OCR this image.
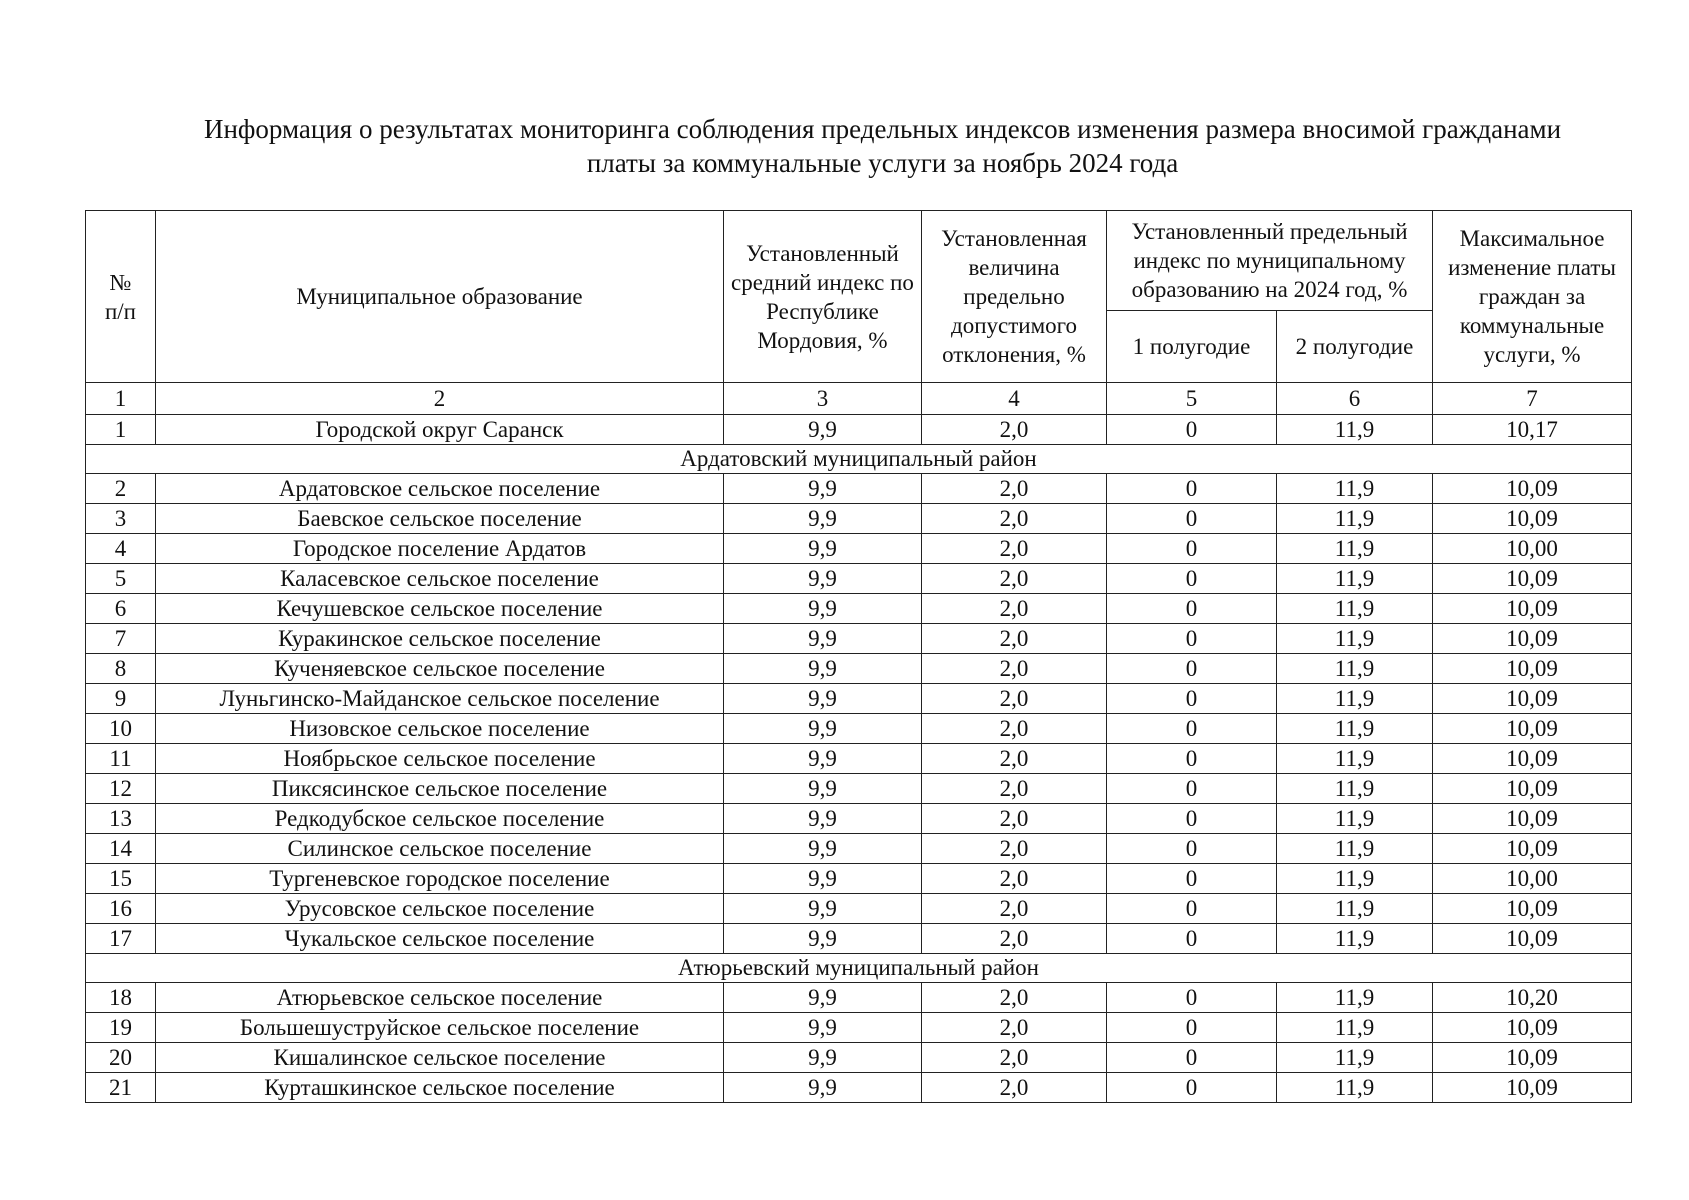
Информация о результатах мониторинга соблюдения предельных индексов изменения размера вносимой гражданами
платы за коммунальные услуги за ноябрь 2024 года
№ п/п	Муниципальное образование	Установленный средний индекс по Республике Мордовия, %	Установленная величина предельно допустимого отклонения, %	Установленный предельный индекс по муниципальному образованию на 2024 год, %		Максимальное изменение платы граждан за коммунальные услуги, %
				1 полугодие	2 полугодие	
1	2	3	4	5	6	7
1	Городской округ Саранск	9,9	2,0	0	11,9	10,17
Ардатовский муниципальный район						
2	Ардатовское сельское поселение	9,9	2,0	0	11,9	10,09
3	Баевское сельское поселение	9,9	2,0	0	11,9	10,09
4	Городское поселение Ардатов	9,9	2,0	0	11,9	10,00
5	Каласевское сельское поселение	9,9	2,0	0	11,9	10,09
6	Кечушевское сельское поселение	9,9	2,0	0	11,9	10,09
7	Куракинское сельское поселение	9,9	2,0	0	11,9	10,09
8	Кученяевское сельское поселение	9,9	2,0	0	11,9	10,09
9	Луньгинско-Майданское сельское поселение	9,9	2,0	0	11,9	10,09
10	Низовское сельское поселение	9,9	2,0	0	11,9	10,09
11	Ноябрьское сельское поселение	9,9	2,0	0	11,9	10,09
12	Пиксясинское сельское поселение	9,9	2,0	0	11,9	10,09
13	Редкодубское сельское поселение	9,9	2,0	0	11,9	10,09
14	Силинское сельское поселение	9,9	2,0	0	11,9	10,09
15	Тургеневское городское поселение	9,9	2,0	0	11,9	10,00
16	Урусовское сельское поселение	9,9	2,0	0	11,9	10,09
17	Чукальское сельское поселение	9,9	2,0	0	11,9	10,09
Атюрьевский муниципальный район						
18	Атюрьевское сельское поселение	9,9	2,0	0	11,9	10,20
19	Большешуструйское сельское поселение	9,9	2,0	0	11,9	10,09
20	Кишалинское сельское поселение	9,9	2,0	0	11,9	10,09
21	Курташкинское сельское поселение	9,9	2,0	0	11,9	10,09
